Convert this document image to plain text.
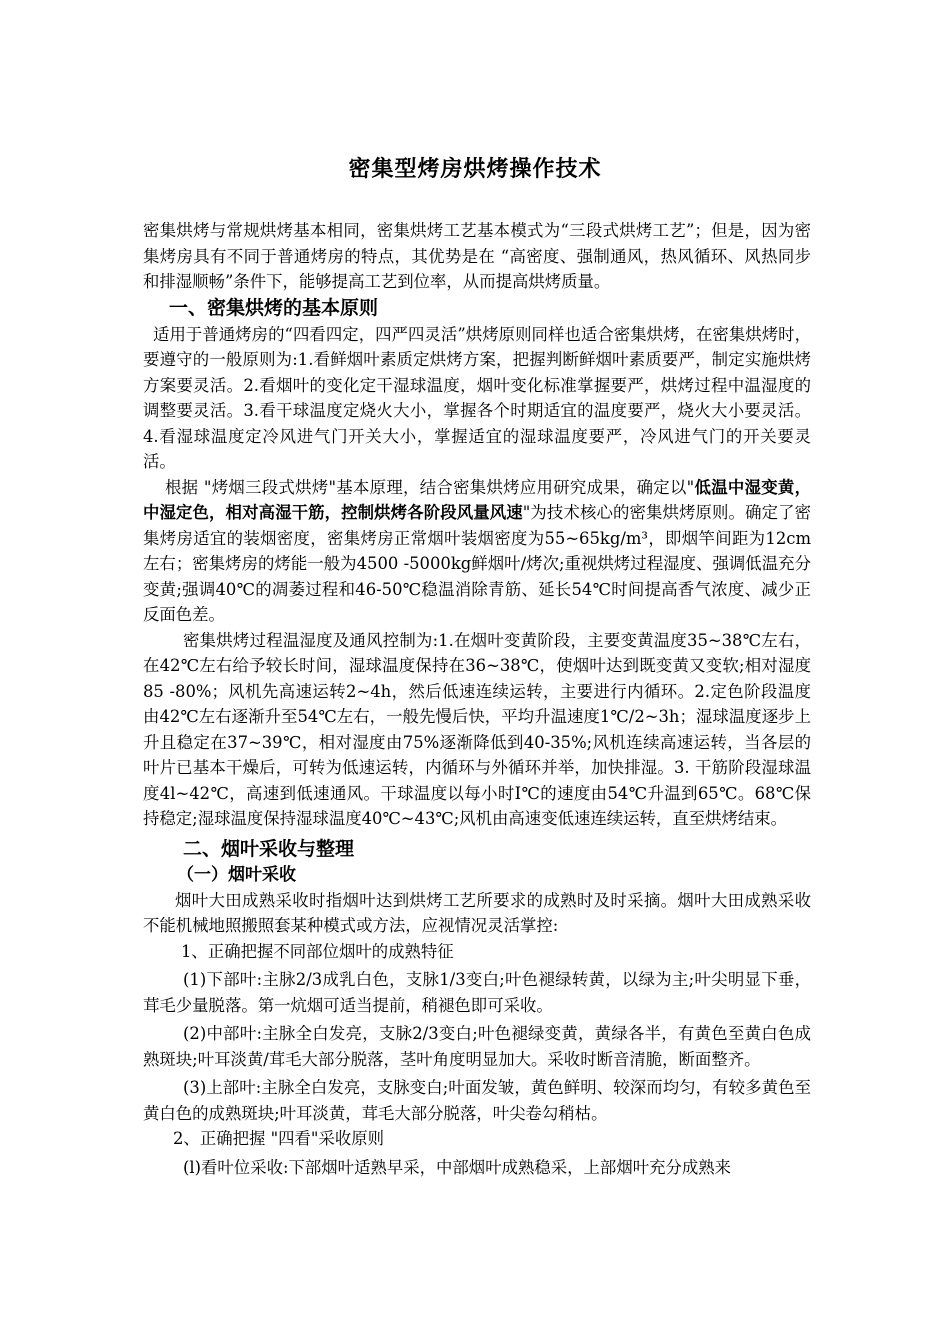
密集型烤房烘烤操作技术

密集烘烤与常规烘烤基本相同，密集烘烤工艺基本模式为“三段式烘烤工艺”；但是，因为密集烤房具有不同于普通烤房的特点，其优势是在 “高密度、强制通风，热风循环、风热同步和排湿顺畅”条件下，能够提高工艺到位率，从而提高烘烤质量。

一、密集烘烤的基本原则

适用于普通烤房的“四看四定，四严四灵活”烘烤原则同样也适合密集烘烤，在密集烘烤时，要遵守的一般原则为:1.看鲜烟叶素质定烘烤方案，把握判断鲜烟叶素质要严，制定实施烘烤方案要灵活。2.看烟叶的变化定干湿球温度，烟叶变化标准掌握要严，烘烤过程中温湿度的调整要灵活。3.看干球温度定烧火大小，掌握各个时期适宜的温度要严，烧火大小要灵活。4.看湿球温度定冷风进气门开关大小，掌握适宜的湿球温度要严，冷风进气门的开关要灵活。

根据 "烤烟三段式烘烤"基本原理，结合密集烘烤应用研究成果，确定以"低温中湿变黄，中湿定色，相对高湿干筋，控制烘烤各阶段风量风速"为技术核心的密集烘烤原则。确定了密集烤房适宜的装烟密度，密集烤房正常烟叶装烟密度为55~65kg/m³，即烟竿间距为12cm左右；密集烤房的烤能一般为4500 -5000kg鲜烟叶/烤次;重视烘烤过程湿度、强调低温充分变黄;强调40℃的凋萎过程和46-50℃稳温消除青筋、延长54℃时间提高香气浓度、减少正反面色差。

密集烘烤过程温湿度及通风控制为:1.在烟叶变黄阶段，主要变黄温度35~38℃左右，在42℃左右给予较长时间，湿球温度保持在36~38℃，使烟叶达到既变黄又变软;相对湿度85 -80%；风机先高速运转2~4h，然后低速连续运转，主要进行内循环。2.定色阶段温度由42℃左右逐渐升至54℃左右，一般先慢后快，平均升温速度1℃/2~3h；湿球温度逐步上升且稳定在37~39℃，相对湿度由75%逐渐降低到40-35%;风机连续高速运转，当各层的叶片已基本干燥后，可转为低速运转，内循环与外循环并举，加快排湿。3. 干筋阶段湿球温度4l~42℃，高速到低速通风。干球温度以每小时I℃的速度由54℃升温到65℃。68℃保持稳定;湿球温度保持湿球温度40℃~43℃;风机由高速变低速连续运转，直至烘烤结束。

二、烟叶采收与整理

（一）烟叶采收

烟叶大田成熟采收时指烟叶达到烘烤工艺所要求的成熟时及时采摘。烟叶大田成熟采收不能机械地照搬照套某种模式或方法，应视情况灵活掌控:

1、正确把握不同部位烟叶的成熟特征

(1)下部叶:主脉2/3成乳白色，支脉1/3变白;叶色褪绿转黄，以绿为主;叶尖明显下垂，茸毛少量脱落。第一炕烟可适当提前，稍褪色即可采收。

(2)中部叶:主脉全白发亮，支脉2/3变白;叶色褪绿变黄，黄绿各半，有黄色至黄白色成熟斑块;叶耳淡黄/茸毛大部分脱落，茎叶角度明显加大。采收时断音清脆，断面整齐。

(3)上部叶:主脉全白发亮，支脉变白;叶面发皱，黄色鲜明、较深而均匀，有较多黄色至黄白色的成熟斑块;叶耳淡黄，茸毛大部分脱落，叶尖卷勾稍枯。

2、正确把握 "四看"采收原则

(l)看叶位采收:下部烟叶适熟早采，中部烟叶成熟稳采，上部烟叶充分成熟来
